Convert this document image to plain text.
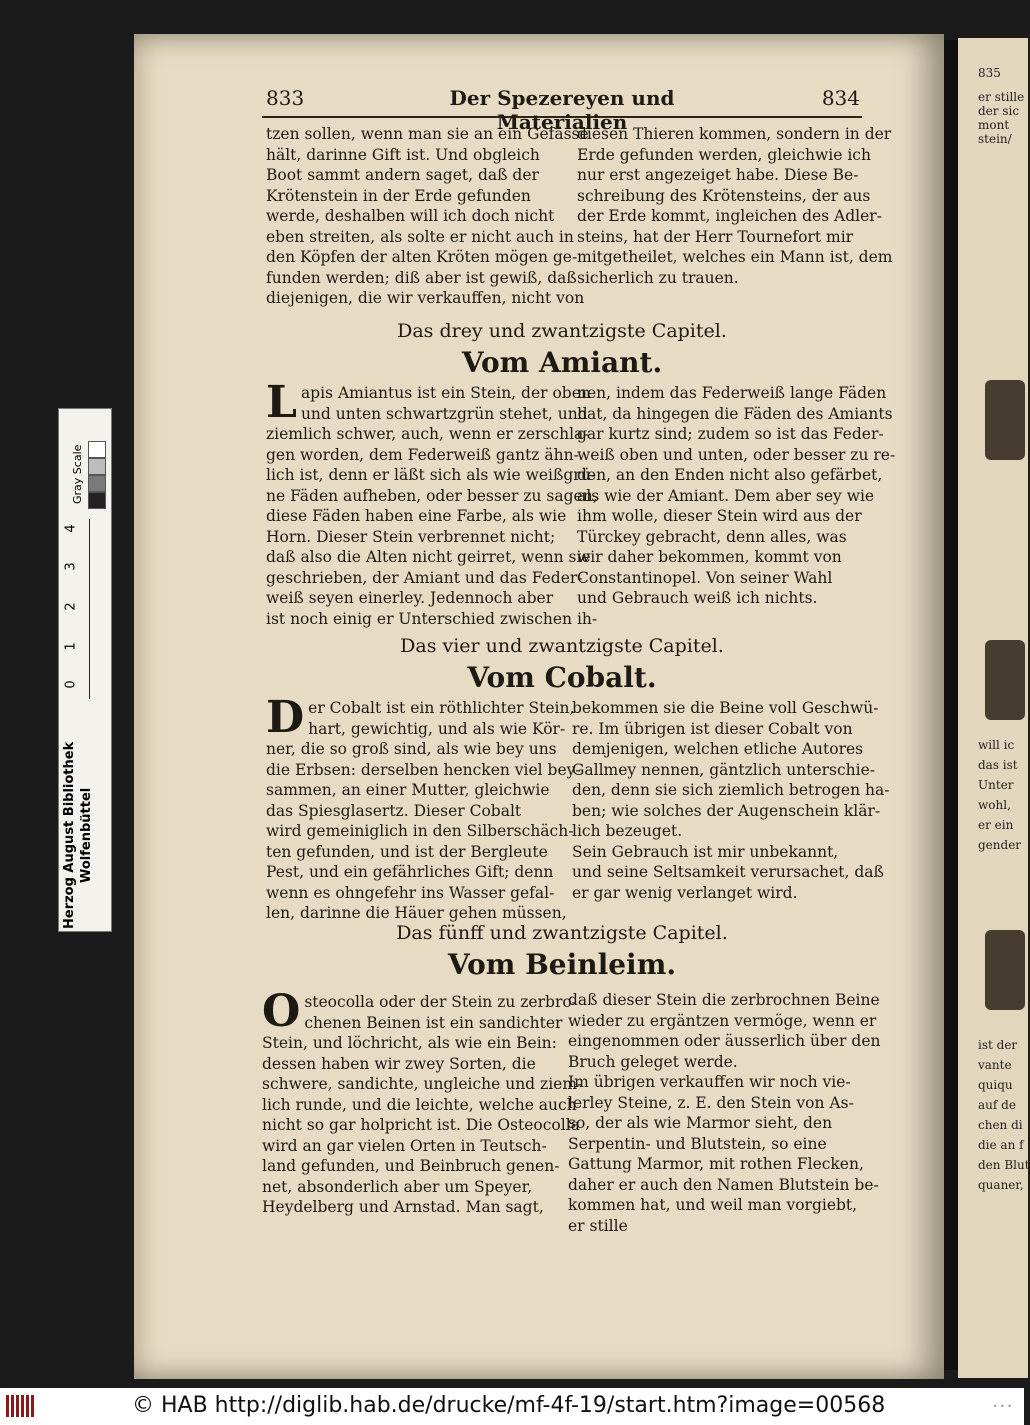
835
er stille
der sic
mont
stein/
will ic
das ist
Unter
wohl,
er ein
gender
ist der
vante
quiqu
auf de
chen di
die an f
den Blut
quaner,
833	Der Spezereyen und Materialien
834
tzen sollen, wenn man sie an ein Gefässe
hält, darinne Gift ist. Und obgleich
Boot sammt andern saget, daß der
Krötenstein in der Erde gefunden
werde, deshalben will ich doch nicht
eben streiten, als solte er nicht auch in
den Köpfen der alten Kröten mögen ge-
funden werden; diß aber ist gewiß, daß
diejenigen, die wir verkauffen, nicht von
diesen Thieren kommen, sondern in der
Erde gefunden werden, gleichwie ich
nur erst angezeiget habe. Diese Be-
schreibung des Krötensteins, der aus
der Erde kommt, ingleichen des Adler-
steins, hat der Herr Tournefort mir
mitgetheilet, welches ein Mann ist, dem
sicherlich zu trauen.
Das drey und zwantzigste Capitel.
Vom Amiant.
L apis Amiantus ist ein Stein, der oben
und unten schwartzgrün stehet, und
ziemlich schwer, auch, wenn er zerschla-
gen worden, dem Federweiß gantz ähn-
lich ist, denn er läßt sich als wie weißgrü-
ne Fäden aufheben, oder besser zu sagen,
diese Fäden haben eine Farbe, als wie
Horn. Dieser Stein verbrennet nicht;
daß also die Alten nicht geirret, wenn sie
geschrieben, der Amiant und das Feder-
weiß seyen einerley. Jedennoch aber
ist noch einig er Unterschied zwischen ih-
nen, indem das Federweiß lange Fäden
hat, da hingegen die Fäden des Amiants
gar kurtz sind; zudem so ist das Feder-
weiß oben und unten, oder besser zu re-
den, an den Enden nicht also gefärbet,
als wie der Amiant. Dem aber sey wie
ihm wolle, dieser Stein wird aus der
Türckey gebracht, denn alles, was
wir daher bekommen, kommt von
Constantinopel. Von seiner Wahl
und Gebrauch weiß ich nichts.
Das vier und zwantzigste Capitel.
Vom Cobalt.
D er Cobalt ist ein röthlichter Stein,
hart, gewichtig, und als wie Kör-
ner, die so groß sind, als wie bey uns
die Erbsen: derselben hencken viel bey-
sammen, an einer Mutter, gleichwie
das Spiesglasertz. Dieser Cobalt
wird gemeiniglich in den Silberschäch-
ten gefunden, und ist der Bergleute
Pest, und ein gefährliches Gift; denn
wenn es ohngefehr ins Wasser gefal-
len, darinne die Häuer gehen müssen,
bekommen sie die Beine voll Geschwü-
re. Im übrigen ist dieser Cobalt von
demjenigen, welchen etliche Autores
Gallmey nennen, gäntzlich unterschie-
den, denn sie sich ziemlich betrogen ha-
ben; wie solches der Augenschein klär-
lich bezeuget.
Sein Gebrauch ist mir unbekannt,
und seine Seltsamkeit verursachet, daß
er gar wenig verlanget wird.
Das fünff und zwantzigste Capitel.
Vom Beinleim.
O steocolla oder der Stein zu zerbro-
chenen Beinen ist ein sandichter
Stein, und löchricht, als wie ein Bein:
dessen haben wir zwey Sorten, die
schwere, sandichte, ungleiche und ziem-
lich runde, und die leichte, welche auch
nicht so gar holpricht ist. Die Osteocolla
wird an gar vielen Orten in Teutsch-
land gefunden, und Beinbruch genen-
net, absonderlich aber um Speyer,
Heydelberg und Arnstad. Man sagt,
daß dieser Stein die zerbrochnen Beine
wieder zu ergäntzen vermöge, wenn er
eingenommen oder äusserlich über den
Bruch geleget werde.
Im übrigen verkauffen wir noch vie-
lerley Steine, z. E. den Stein von As-
so, der als wie Marmor sieht, den
Serpentin- und Blutstein, so eine
Gattung Marmor, mit rothen Flecken,
daher er auch den Namen Blutstein be-
kommen hat, und weil man vorgiebt,
er stille
Gray Scale
4
3
2
1
0
Herzog August Bibliothek Wolfenbüttel
© HAB http://diglib.hab.de/drucke/mf-4f-19/start.htm?image=00568	• • •
